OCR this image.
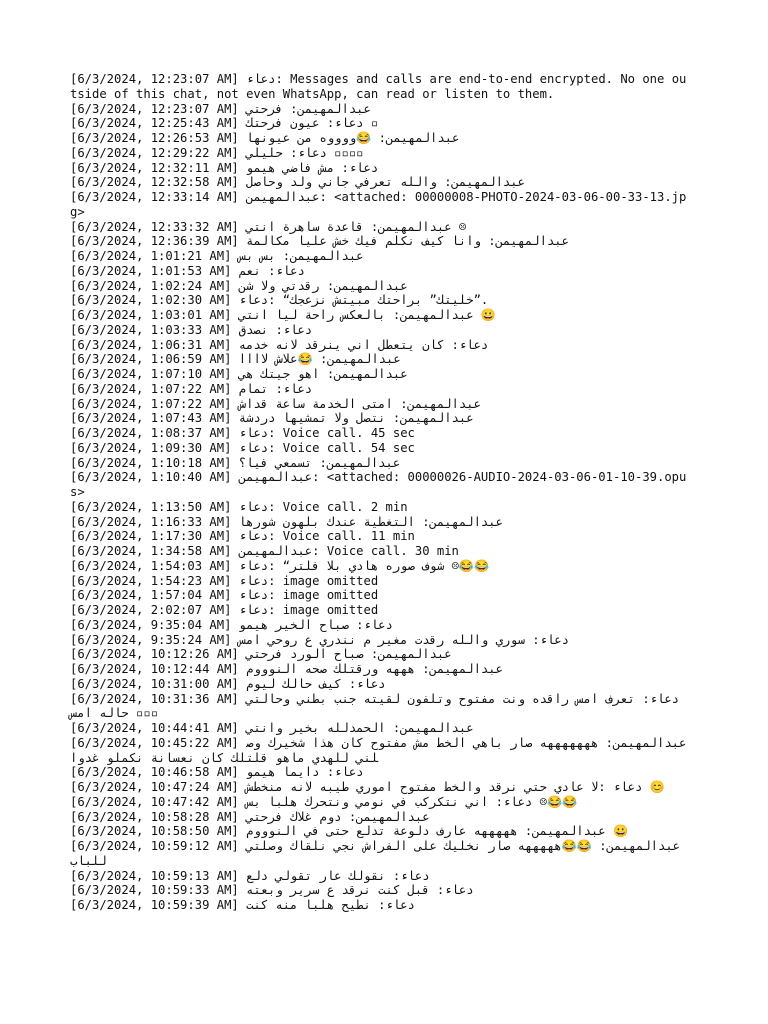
[6/3/2024, 12:23:07 AM] دعاء: Messages and calls are end-to-end encrypted. No one outside of this chat, not even WhatsApp, can read or listen to them.
[6/3/2024, 12:23:07 AM] عبدالمهيمن: فرحتي
[6/3/2024, 12:25:43 AM] دعاء: عيون فرحتك ▫
[6/3/2024, 12:26:53 AM] عبدالمهيمن: 😂ووووه من عيونها
[6/3/2024, 12:29:22 AM] دعاء: حليلي ▫▫▫▫
[6/3/2024, 12:32:11 AM] دعاء: مش فاضي هيمو
[6/3/2024, 12:32:58 AM] عبدالمهيمن: والله تعرفي جاني ولد وحاصل
[6/3/2024, 12:33:14 AM] عبدالمهيمن: <attached: 00000008-PHOTO-2024-03-06-00-33-13.jpg>
[6/3/2024, 12:33:32 AM] عبدالمهيمن: قاعدة ساهرة انتي ☹
[6/3/2024, 12:36:39 AM] عبدالمهيمن: وانا كيف نكلم فيك خش عليا مكالمة
[6/3/2024, 1:01:21 AM] عبدالمهيمن: بس بس
[6/3/2024, 1:01:53 AM] دعاء: نعم
[6/3/2024, 1:02:24 AM] عبدالمهيمن: رقدتي ولا شن
[6/3/2024, 1:02:30 AM] دعاء: ‎“خليتك” براحتك مبيتش نزعجك‎”.
[6/3/2024, 1:03:01 AM] عبدالمهيمن: بالعكس راحة ليا انتي 😀
[6/3/2024, 1:03:33 AM] دعاء: نصدق
[6/3/2024, 1:06:31 AM] دعاء: كان يتعطل اني ينرقد لانه خدمه
[6/3/2024, 1:06:59 AM] عبدالمهيمن: 😂علاش لاااا
[6/3/2024, 1:07:10 AM] عبدالمهيمن: اهو جيتك هي
[6/3/2024, 1:07:22 AM] دعاء: تمام
[6/3/2024, 1:07:22 AM] عبدالمهيمن: امتى الخدمة ساعة قداش
[6/3/2024, 1:07:43 AM] عبدالمهيمن: نتصل ولا تمشيها دردشة
[6/3/2024, 1:08:37 AM] دعاء: Voice call. 45 sec
[6/3/2024, 1:09:30 AM] دعاء: Voice call. 54 sec
[6/3/2024, 1:10:18 AM] عبدالمهيمن: تسمعي فيا؟
[6/3/2024, 1:10:40 AM] عبدالمهيمن: <attached: 00000026-AUDIO-2024-03-06-01-10-39.opus>
[6/3/2024, 1:13:50 AM] دعاء: Voice call. 2 min
[6/3/2024, 1:16:33 AM] عبدالمهيمن: التغطية عندك بلهون شورها
[6/3/2024, 1:17:30 AM] دعاء: Voice call. 11 min
[6/3/2024, 1:34:58 AM] عبدالمهيمن: Voice call. 30 min
[6/3/2024, 1:54:03 AM] دعاء: ‎“شوف صوره هادي بلا فلتر ☹😂😂
[6/3/2024, 1:54:23 AM] دعاء: image omitted
[6/3/2024, 1:57:04 AM] دعاء: image omitted
[6/3/2024, 2:02:07 AM] دعاء: image omitted
[6/3/2024, 9:35:04 AM] دعاء: صباح الخير هيمو
[6/3/2024, 9:35:24 AM] دعاء: سوري والله رقدت مغير م نندري ع روحي امس
[6/3/2024, 10:12:26 AM] عبدالمهيمن: صباح الورد فرحتي
[6/3/2024, 10:12:44 AM] عبدالمهيمن: هههه ورقتلك صحه النوووم
[6/3/2024, 10:31:00 AM] دعاء: كيف حالك ليوم
[6/3/2024, 10:31:36 AM] دعاء: تعرف امس راقده ونت مفتوح وتلفون لقيته جنب بطني وحالتي ▫▫▫ حاله امس
[6/3/2024, 10:44:41 AM] عبدالمهيمن: الحمدلله بخير وانتي
[6/3/2024, 10:45:22 AM] عبدالمهيمن: هههههههه صار باهي الخط مش مفتوح كان هذا شخيرك وصلني للهدي ماهو قلتلك كان نعسانة نكملو غدوا
[6/3/2024, 10:46:58 AM] دعاء: دايما هيمو
[6/3/2024, 10:47:24 AM] دعاء :لا عادي حتي نرقد والخط مفتوح اموري طيبه لانه منخطش 😊
[6/3/2024, 10:47:42 AM] دعاء: اني نتكركب في نومي ونتحرك هلبا بس ☹😂😂
[6/3/2024, 10:58:28 AM] عبدالمهيمن: دوم غلاك فرحتي
[6/3/2024, 10:58:50 AM] عبدالمهيمن: هههههه عارف دلوعة تدلع حتى في النوووم 😀
[6/3/2024, 10:59:12 AM] عبدالمهيمن: 😂😂هههههه صار نخليك على الفراش نجي نلقاك وصلتي للباب
[6/3/2024, 10:59:13 AM] دعاء: نقولك عار تقولي دلع
[6/3/2024, 10:59:33 AM] دعاء: قبل كنت نرقد ع سرير وبعته
[6/3/2024, 10:59:39 AM] دعاء: نطيح هلبا منه كنت
